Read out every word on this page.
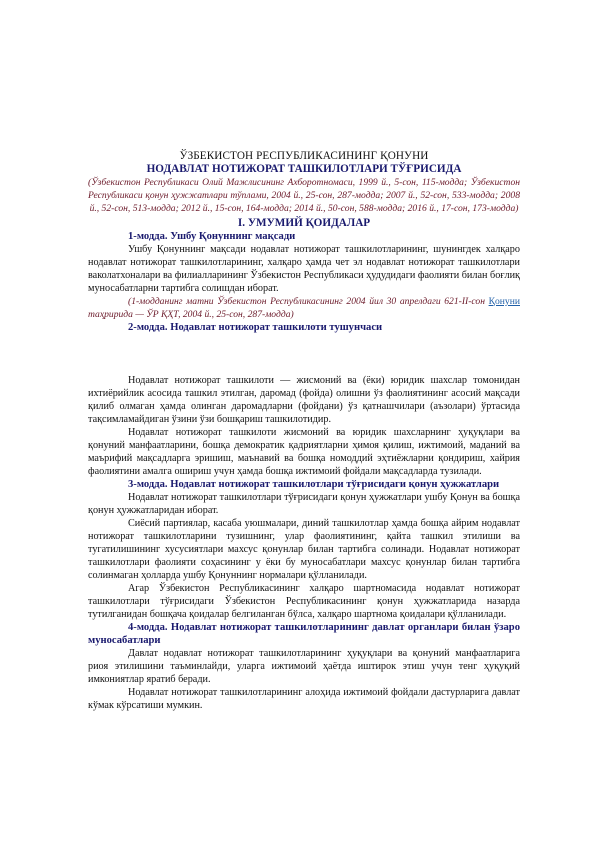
ЎЗБЕКИСТОН РЕСПУБЛИКАСИНИНГ ҚОНУНИ
НОДАВЛАТ НОТИЖОРАТ ТАШКИЛОТЛАРИ ТЎҒРИСИДА
(Ўзбекистон Республикаси Олий Мажлисининг Ахборотномаси, 1999 й., 5-сон, 115-модда; Ўзбекистон Республикаси қонун ҳужжатлари тўплами, 2004 й., 25-сон, 287-модда; 2007 й., 52-сон, 533-модда; 2008 й., 52-сон, 513-модда; 2012 й., 15-сон, 164-модда; 2014 й., 50-сон, 588-модда; 2016 й., 17-сон, 173-модда)
I. УМУМИЙ ҚОИДАЛАР
1-модда. Ушбу Қонуннинг мақсади

Ушбу Қонуннинг мақсади нодавлат нотижорат ташкилотларининг, шунингдек халқаро нодавлат нотижорат ташкилотларининг, халқаро ҳамда чет эл нодавлат нотижорат ташкилотлари ваколатхоналари ва филиалларининг Ўзбекистон Республикаси ҳудудидаги фаолияти билан боғлиқ муносабатларни тартибга солишдан иборат.

(1-модданинг матни Ўзбекистон Республикасининг 2004 йил 30 апрелдаги 621-II-сон Қонуни таҳририда — ЎР ҚҲТ, 2004 й., 25-сон, 287-модда)
2-модда. Нодавлат нотижорат ташкилоти тушунчаси

Нодавлат нотижорат ташкилоти — жисмоний ва (ёки) юридик шахслар томонидан ихтиёрийлик асосида ташкил этилган, даромад (фойда) олишни ўз фаолиятининг асосий мақсади қилиб олмаган ҳамда олинган даромадларни (фойдани) ўз қатнашчилари (аъзолари) ўртасида тақсимламайдиган ўзини ўзи бошқариш ташкилотидир.

Нодавлат нотижорат ташкилоти жисмоний ва юридик шахсларнинг ҳуқуқлари ва қонуний манфаатларини, бошқа демократик қадриятларни ҳимоя қилиш, ижтимоий, маданий ва маърифий мақсадларга эришиш, маънавий ва бошқа номоддий эҳтиёжларни қондириш, хайрия фаолиятини амалга ошириш учун ҳамда бошқа ижтимоий фойдали мақсадларда тузилади.

3-модда. Нодавлат нотижорат ташкилотлари тўғрисидаги қонун ҳужжатлари

Нодавлат нотижорат ташкилотлари тўғрисидаги қонун ҳужжатлари ушбу Қонун ва бошқа қонун ҳужжатларидан иборат.

Сиёсий партиялар, касаба уюшмалари, диний ташкилотлар ҳамда бошқа айрим нодавлат нотижорат ташкилотларини тузишнинг, улар фаолиятининг, қайта ташкил этилиши ва тугатилишининг хусусиятлари махсус қонунлар билан тартибга солинади. Нодавлат нотижорат ташкилотлари фаолияти соҳасининг у ёки бу муносабатлари махсус қонунлар билан тартибга солинмаган ҳолларда ушбу Қонуннинг нормалари қўлланилади.

Агар Ўзбекистон Республикасининг халқаро шартномасида нодавлат нотижорат ташкилотлари тўғрисидаги Ўзбекистон Республикасининг қонун ҳужжатларида назарда тутилганидан бошқача қоидалар белгиланган бўлса, халқаро шартнома қоидалари қўлланилади.

4-модда. Нодавлат нотижорат ташкилотларининг давлат органлари билан ўзаро муносабатлари

Давлат нодавлат нотижорат ташкилотларининг ҳуқуқлари ва қонуний манфаатларига риоя этилишини таъминлайди, уларга ижтимоий ҳаётда иштирок этиш учун тенг ҳуқуқий имкониятлар яратиб беради.

Нодавлат нотижорат ташкилотларининг алоҳида ижтимоий фойдали дастурларига давлат кўмак кўрсатиши мумкин.
